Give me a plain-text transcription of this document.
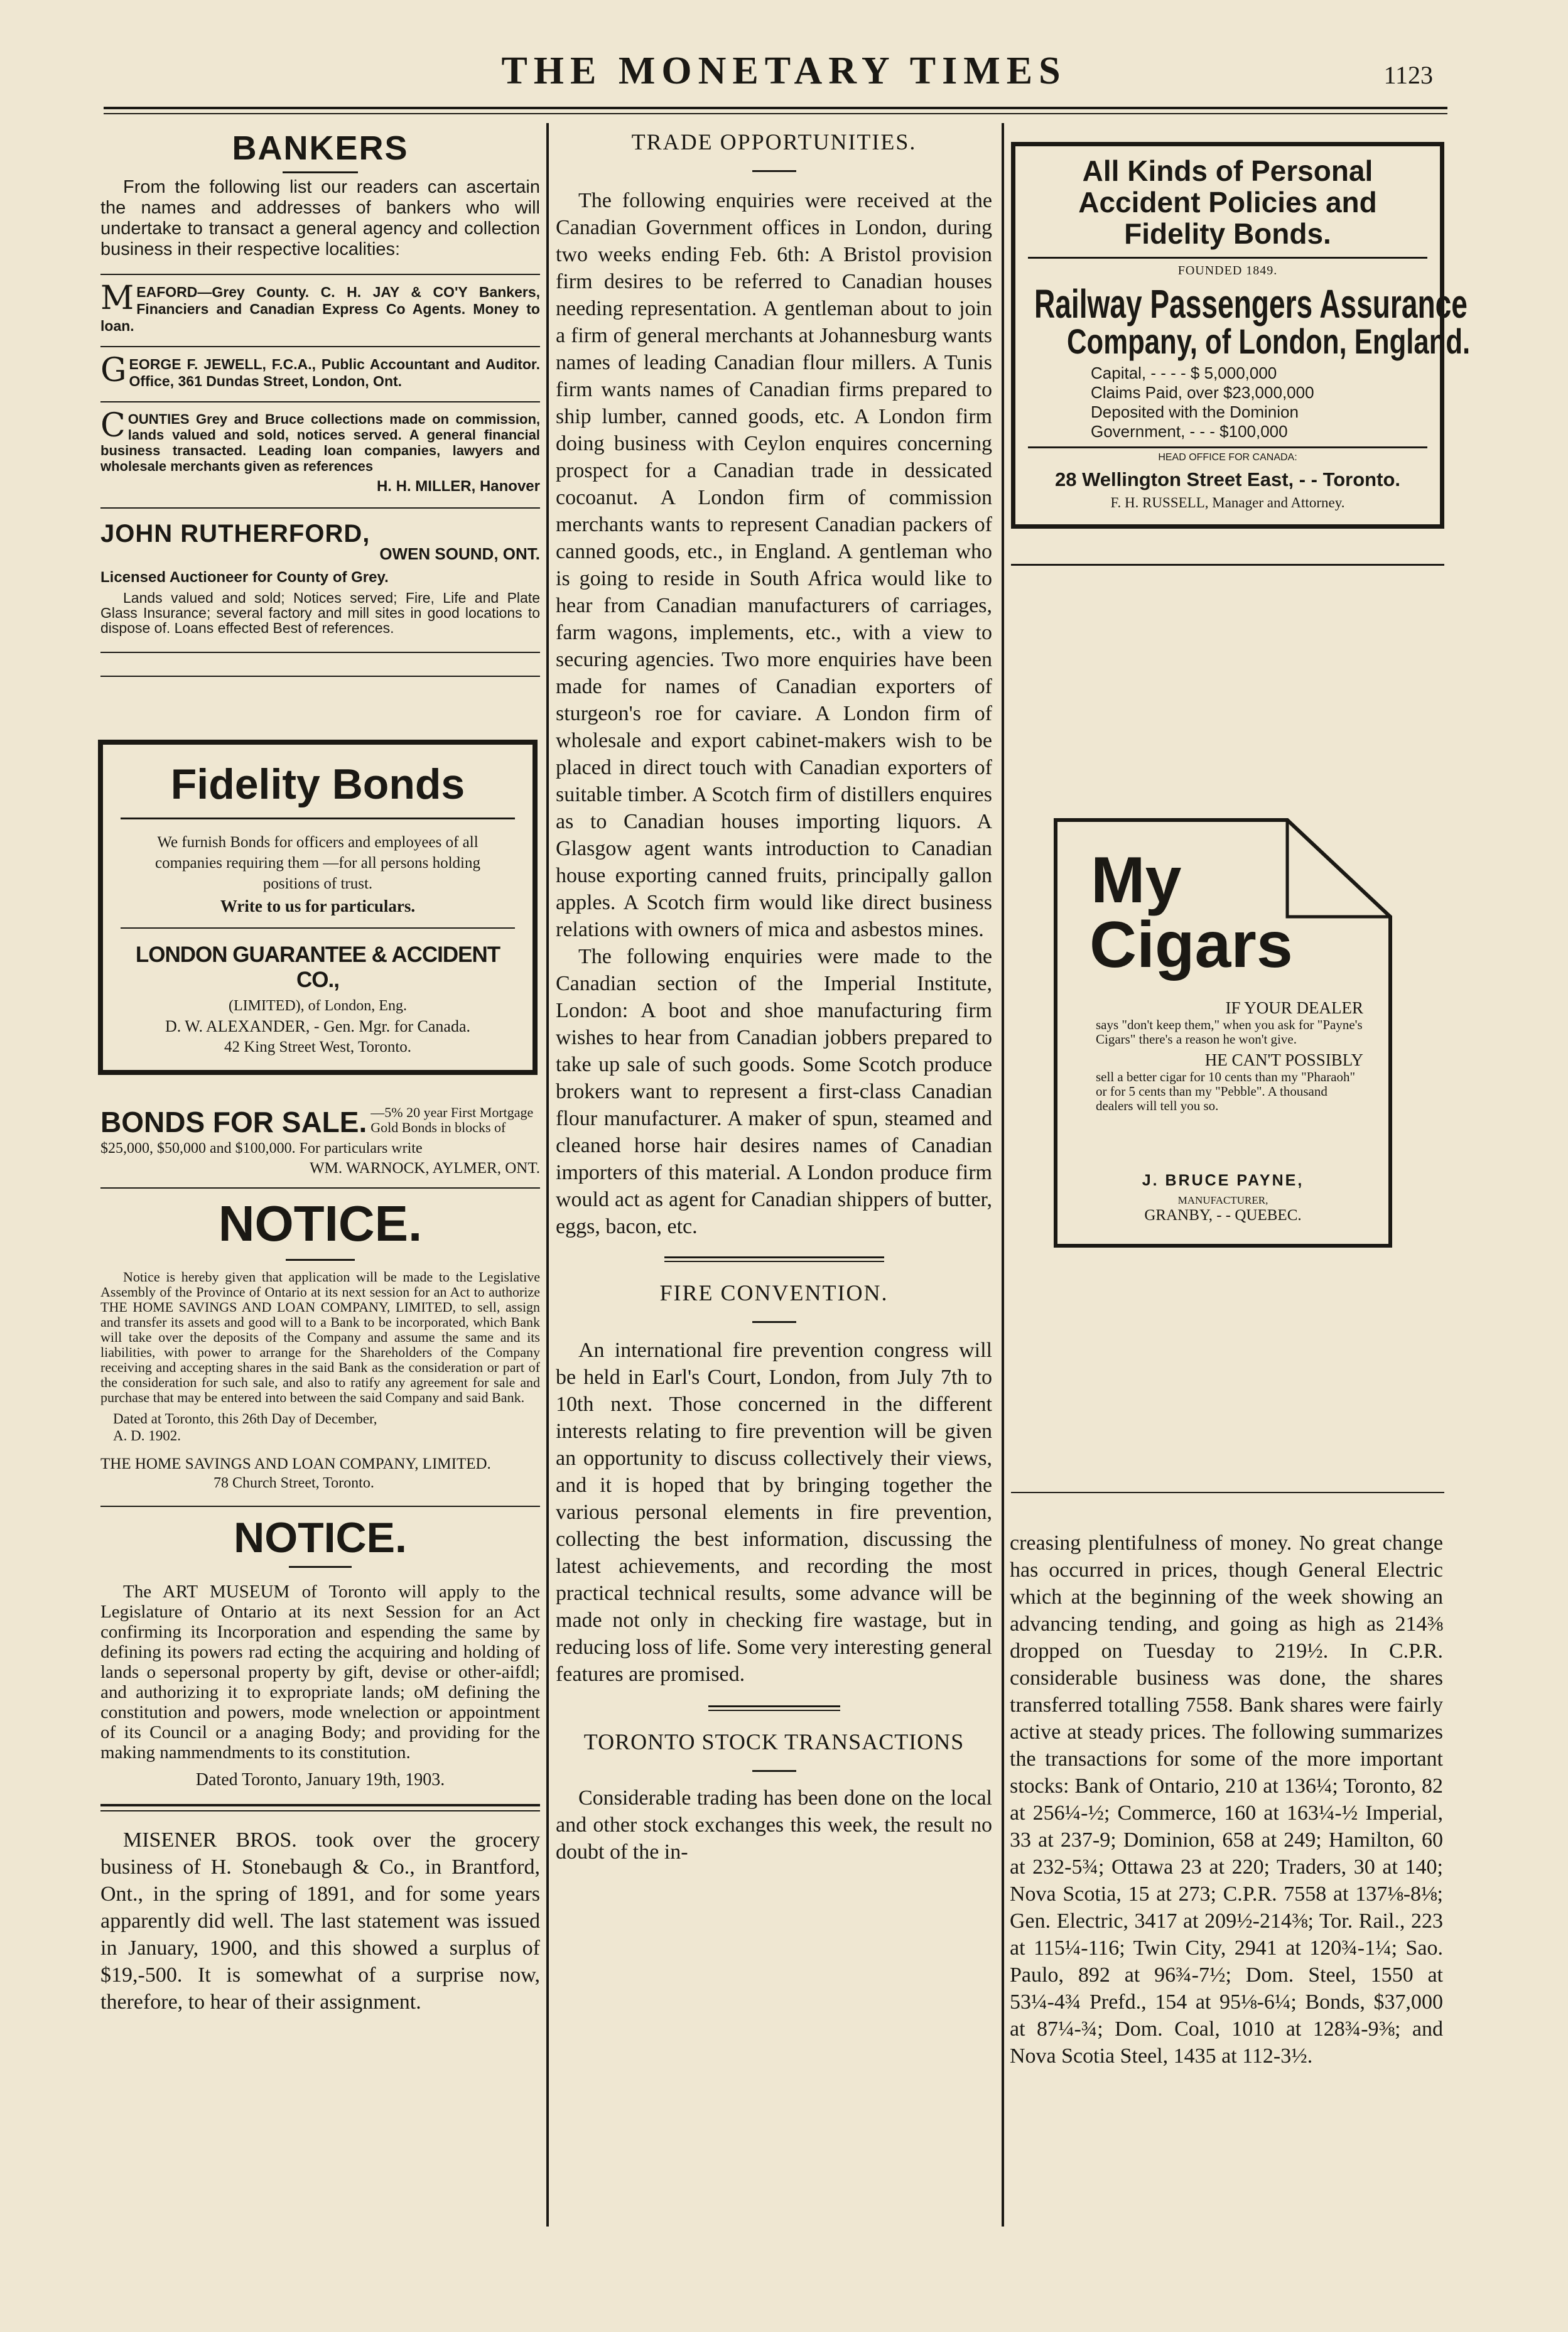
THE MONETARY TIMES	1123
BANKERS
From the following list our readers can ascertain the names and addresses of bankers who will undertake to transact a general agency and collection business in their respective localities:
M EAFORD—Grey County. C. H. JAY & CO'Y Bankers, Financiers and Canadian Express Co Agents. Money to loan.
G EORGE F. JEWELL, F.C.A., Public Accountant and Auditor. Office, 361 Dundas Street, London, Ont.
C OUNTIES Grey and Bruce collections made on commission, lands valued and sold, notices served. A general financial business transacted. Leading loan companies, lawyers and wholesale merchants given as references
H. H. MILLER, Hanover
JOHN RUTHERFORD,
OWEN SOUND, ONT.
Licensed Auctioneer for County of Grey.
Lands valued and sold; Notices served; Fire, Life and Plate Glass Insurance; several factory and mill sites in good locations to dispose of. Loans effected Best of references.
Fidelity Bonds
We furnish Bonds for officers and employees of all companies requiring them —for all persons holding positions of trust.
Write to us for particulars.
LONDON GUARANTEE & ACCIDENT CO.,
(LIMITED), of London, Eng.
D. W. ALEXANDER, - Gen. Mgr. for Canada.
42 King Street West, Toronto.
BONDS FOR SALE. —5% 20 year First Mortgage Gold Bonds in blocks of
$25,000, $50,000 and $100,000. For particulars write
WM. WARNOCK, AYLMER, ONT.
NOTICE.
Notice is hereby given that application will be made to the Legislative Assembly of the Province of Ontario at its next session for an Act to authorize THE HOME SAVINGS AND LOAN COMPANY, LIMITED, to sell, assign and transfer its assets and good will to a Bank to be incorporated, which Bank will take over the deposits of the Company and assume the same and its liabilities, with power to arrange for the Shareholders of the Company receiving and accepting shares in the said Bank as the consideration or part of the consideration for such sale, and also to ratify any agreement for sale and purchase that may be entered into between the said Company and said Bank.
Dated at Toronto, this 26th Day of December, A. D. 1902.
THE HOME SAVINGS AND LOAN COMPANY, LIMITED.
78 Church Street, Toronto.
NOTICE.
The ART MUSEUM of Toronto will apply to the Legislature of Ontario at its next Session for an Act confirming its Incorporation and espending the same by defining its powers rad ecting the acquiring and holding of lands o sepersonal property by gift, devise or other-aifdl; and authorizing it to expropriate lands; oM defining the constitution and powers, mode wnelection or appointment of its Council or a anaging Body; and providing for the making nammendments to its constitution.
Dated Toronto, January 19th, 1903.
MISENER BROS. took over the grocery business of H. Stonebaugh & Co., in Brantford, Ont., in the spring of 1891, and for some years apparently did well. The last statement was issued in January, 1900, and this showed a surplus of $19,-500. It is somewhat of a surprise now, therefore, to hear of their assignment.
TRADE OPPORTUNITIES.
The following enquiries were received at the Canadian Government offices in London, during two weeks ending Feb. 6th: A Bristol provision firm desires to be referred to Canadian houses needing representation. A gentleman about to join a firm of general merchants at Johannesburg wants names of leading Canadian flour millers. A Tunis firm wants names of Canadian firms prepared to ship lumber, canned goods, etc. A London firm doing business with Ceylon enquires concerning prospect for a Canadian trade in dessicated cocoanut. A London firm of commission merchants wants to represent Canadian packers of canned goods, etc., in England. A gentleman who is going to reside in South Africa would like to hear from Canadian manufacturers of carriages, farm wagons, implements, etc., with a view to securing agencies. Two more enquiries have been made for names of Canadian exporters of sturgeon's roe for caviare. A London firm of wholesale and export cabinet-makers wish to be placed in direct touch with Canadian exporters of suitable timber. A Scotch firm of distillers enquires as to Canadian houses importing liquors. A Glasgow agent wants introduction to Canadian house exporting canned fruits, principally gallon apples. A Scotch firm would like direct business relations with owners of mica and asbestos mines.
The following enquiries were made to the Canadian section of the Imperial Institute, London: A boot and shoe manufacturing firm wishes to hear from Canadian jobbers prepared to take up sale of such goods. Some Scotch produce brokers want to represent a first-class Canadian flour manufacturer. A maker of spun, steamed and cleaned horse hair desires names of Canadian importers of this material. A London produce firm would act as agent for Canadian shippers of butter, eggs, bacon, etc.
FIRE CONVENTION.
An international fire prevention congress will be held in Earl's Court, London, from July 7th to 10th next. Those concerned in the different interests relating to fire prevention will be given an opportunity to discuss collectively their views, and it is hoped that by bringing together the various personal elements in fire prevention, collecting the best information, discussing the latest achievements, and recording the most practical technical results, some advance will be made not only in checking fire wastage, but in reducing loss of life. Some very interesting general features are promised.
TORONTO STOCK TRANSACTIONS
Considerable trading has been done on the local and other stock exchanges this week, the result no doubt of the in-
All Kinds of Personal Accident Policies and Fidelity Bonds.
FOUNDED 1849.
Railway Passengers Assurance
Company, of London, England.
Capital, - - - - $ 5,000,000
Claims Paid, over $23,000,000
Deposited with the Dominion
Government, - - - $100,000
HEAD OFFICE FOR CANADA:
28 Wellington Street East, - - Toronto.
F. H. RUSSELL, Manager and Attorney.
My
Cigars
IF YOUR DEALER
says "don't keep them," when you ask for "Payne's Cigars" there's a reason he won't give.
HE CAN'T POSSIBLY
sell a better cigar for 10 cents than my "Pharaoh" or for 5 cents than my "Pebble". A thousand dealers will tell you so.
J. BRUCE PAYNE,
MANUFACTURER,
GRANBY, - - QUEBEC.
creasing plentifulness of money. No great change has occurred in prices, though General Electric which at the beginning of the week showing an advancing tending, and going as high as 214⅜ dropped on Tuesday to 219½. In C.P.R. considerable business was done, the shares transferred totalling 7558. Bank shares were fairly active at steady prices. The following summarizes the transactions for some of the more important stocks: Bank of Ontario, 210 at 136¼; Toronto, 82 at 256¼-½; Commerce, 160 at 163¼-½ Imperial, 33 at 237-9; Dominion, 658 at 249; Hamilton, 60 at 232-5¾; Ottawa 23 at 220; Traders, 30 at 140; Nova Scotia, 15 at 273; C.P.R. 7558 at 137⅛-8⅛; Gen. Electric, 3417 at 209½-214⅜; Tor. Rail., 223 at 115¼-116; Twin City, 2941 at 120¾-1¼; Sao. Paulo, 892 at 96¾-7½; Dom. Steel, 1550 at 53¼-4¾ Prefd., 154 at 95⅛-6¼; Bonds, $37,000 at 87¼-¾; Dom. Coal, 1010 at 128¾-9⅜; and Nova Scotia Steel, 1435 at 112-3½.
